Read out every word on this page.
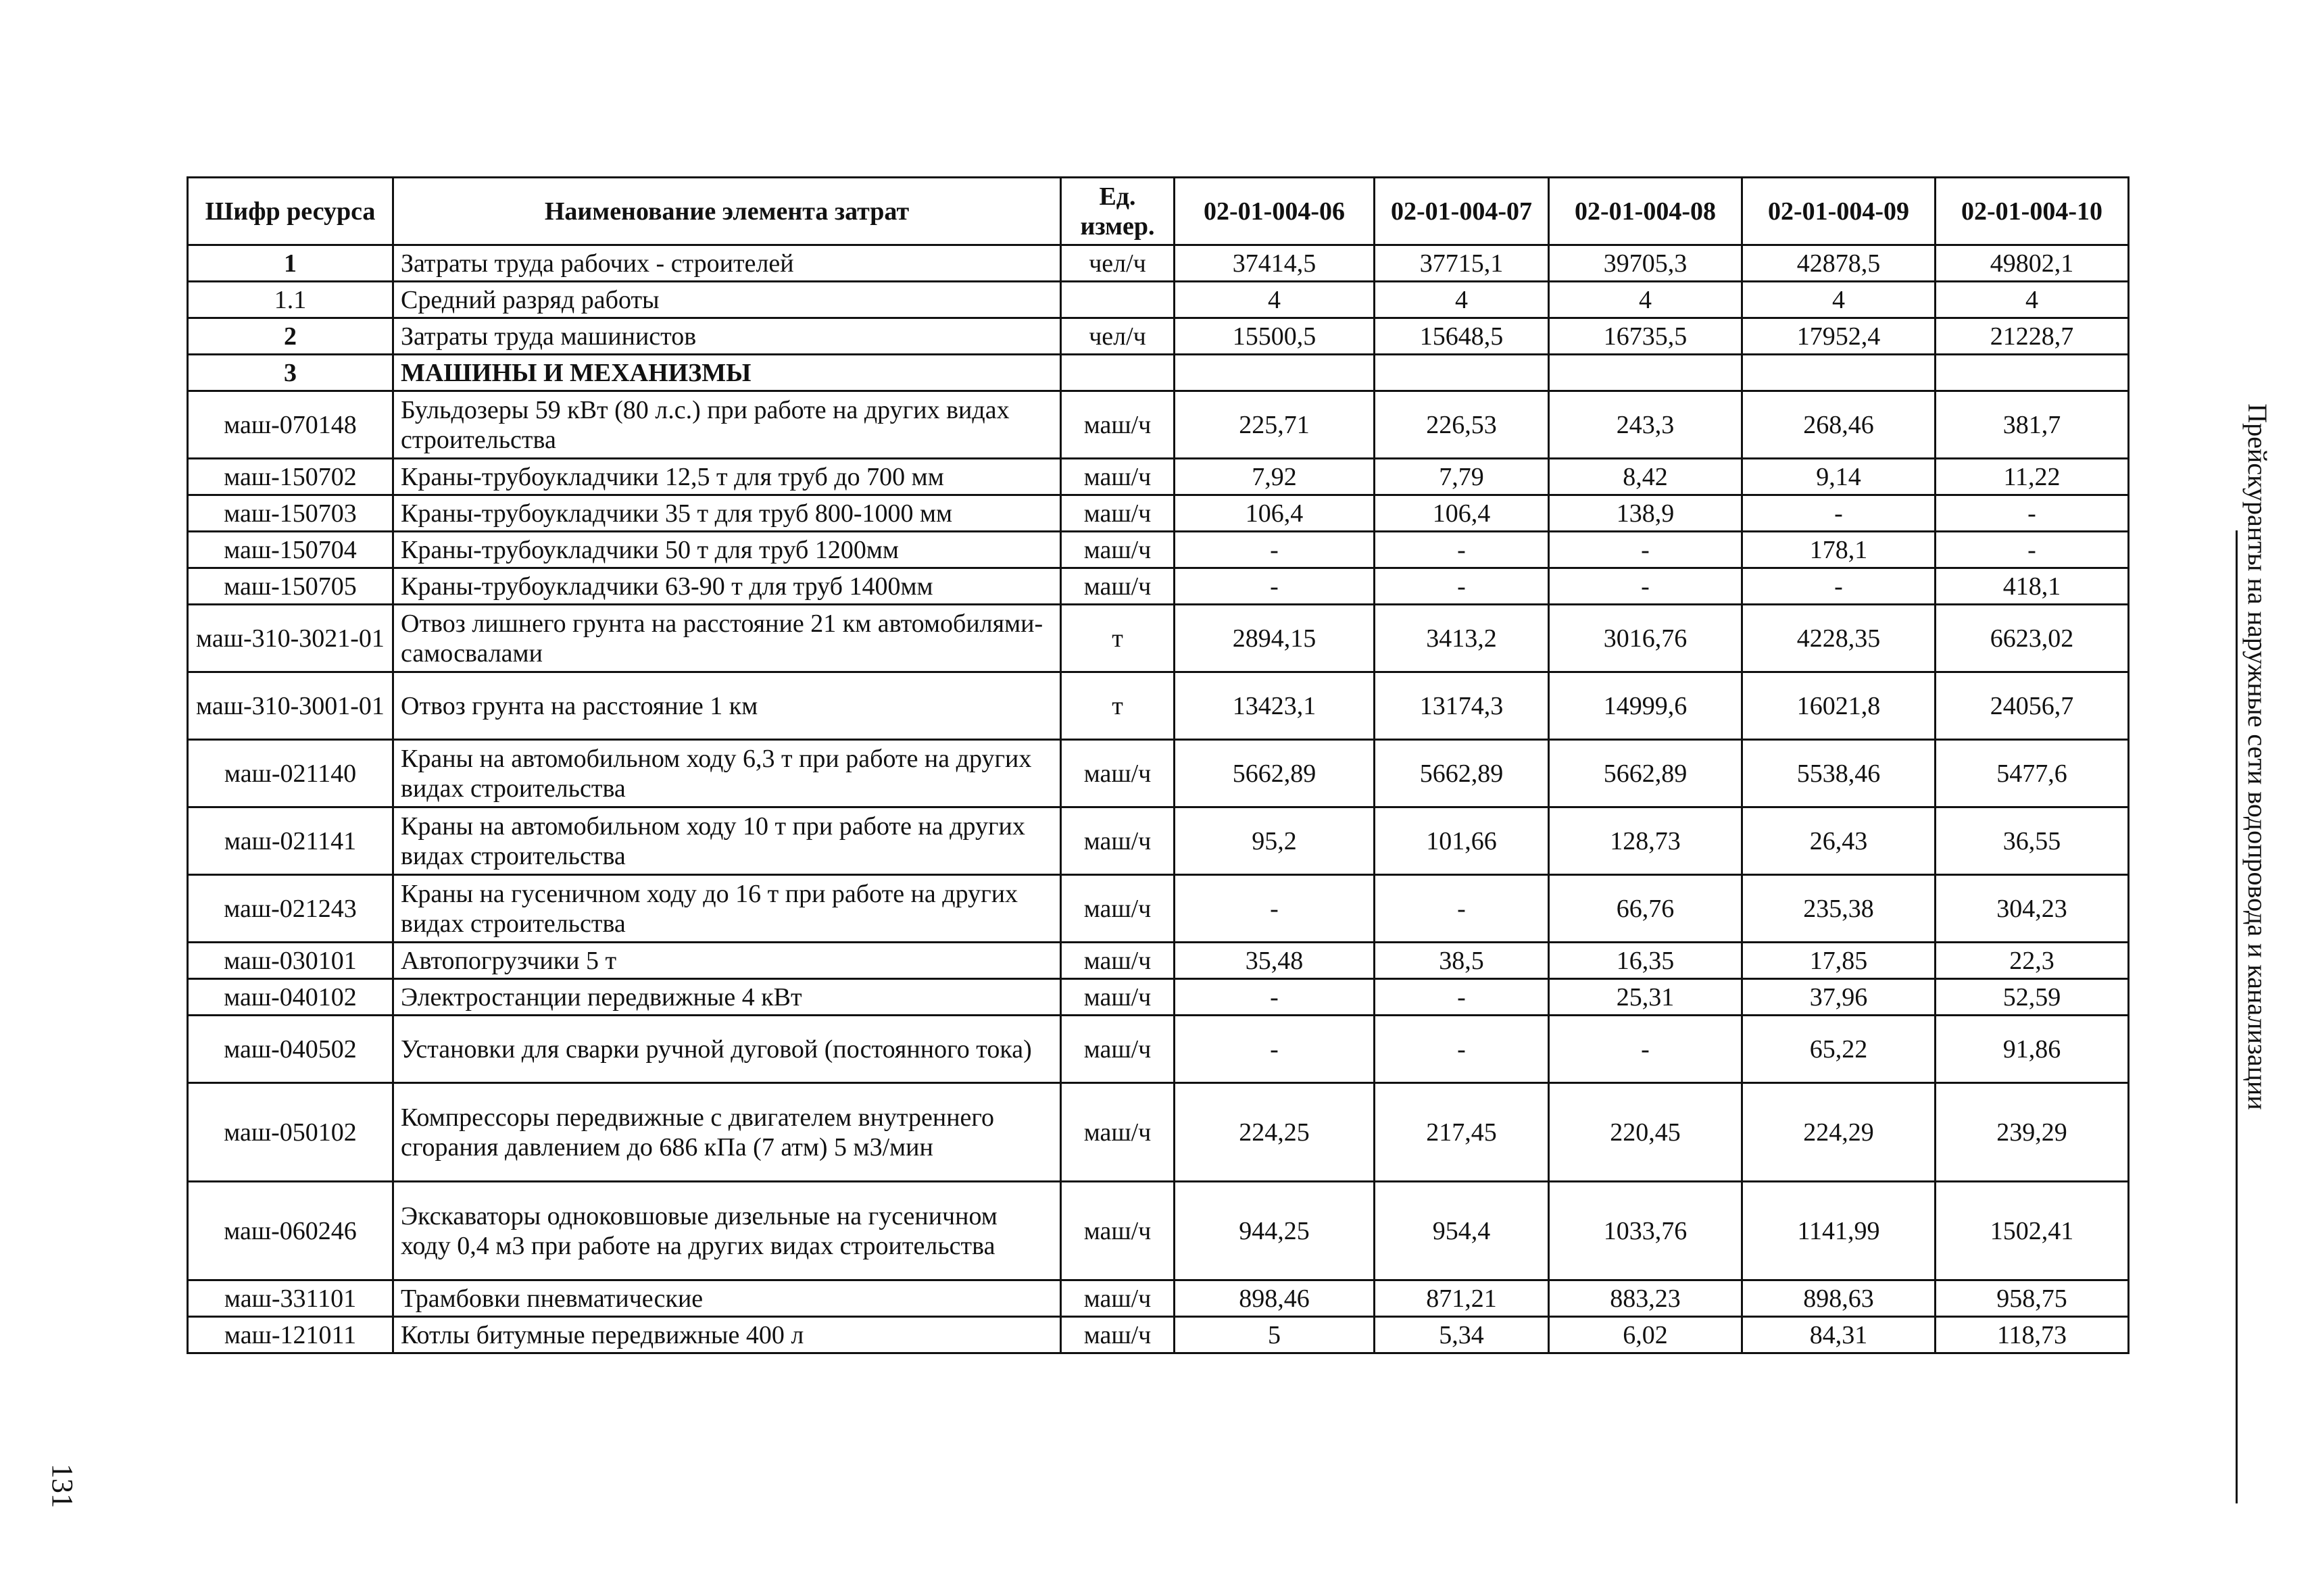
Шифр ресурса	Наименование элемента затрат	Ед. измер.	02-01-004-06	02-01-004-07	02-01-004-08	02-01-004-09	02-01-004-10
1	Затраты труда рабочих - строителей	чел/ч	37414,5	37715,1	39705,3	42878,5	49802,1
1.1	Средний разряд работы		4	4	4	4	4
2	Затраты труда машинистов	чел/ч	15500,5	15648,5	16735,5	17952,4	21228,7
3	МАШИНЫ И МЕХАНИЗМЫ						
маш-070148	Бульдозеры 59 кВт (80 л.с.) при работе на других видах строительства	маш/ч	225,71	226,53	243,3	268,46	381,7
маш-150702	Краны-трубоукладчики 12,5 т для труб до 700 мм	маш/ч	7,92	7,79	8,42	9,14	11,22
маш-150703	Краны-трубоукладчики 35 т для труб 800-1000 мм	маш/ч	106,4	106,4	138,9	-	-
маш-150704	Краны-трубоукладчики 50 т для труб 1200мм	маш/ч	-	-	-	178,1	-
маш-150705	Краны-трубоукладчики 63-90 т для труб 1400мм	маш/ч	-	-	-	-	418,1
маш-310-3021-01	Отвоз лишнего грунта на расстояние 21 км автомобилями-самосвалами	т	2894,15	3413,2	3016,76	4228,35	6623,02
маш-310-3001-01	Отвоз грунта на расстояние 1 км	т	13423,1	13174,3	14999,6	16021,8	24056,7
маш-021140	Краны на автомобильном ходу 6,3 т при работе на других видах строительства	маш/ч	5662,89	5662,89	5662,89	5538,46	5477,6
маш-021141	Краны на автомобильном ходу 10 т при работе на других видах строительства	маш/ч	95,2	101,66	128,73	26,43	36,55
маш-021243	Краны на гусеничном ходу до 16 т при работе на других видах строительства	маш/ч	-	-	66,76	235,38	304,23
маш-030101	Автопогрузчики 5 т	маш/ч	35,48	38,5	16,35	17,85	22,3
маш-040102	Электростанции передвижные 4 кВт	маш/ч	-	-	25,31	37,96	52,59
маш-040502	Установки для сварки ручной дуговой (постоянного тока)	маш/ч	-	-	-	65,22	91,86
маш-050102	Компрессоры передвижные с двигателем внутреннего сгорания давлением до 686 кПа (7 атм) 5 м3/мин	маш/ч	224,25	217,45	220,45	224,29	239,29
маш-060246	Экскаваторы одноковшовые дизельные на гусеничном ходу 0,4 м3 при работе на других видах строительства	маш/ч	944,25	954,4	1033,76	1141,99	1502,41
маш-331101	Трамбовки пневматические	маш/ч	898,46	871,21	883,23	898,63	958,75
маш-121011	Котлы битумные передвижные 400 л	маш/ч	5	5,34	6,02	84,31	118,73
Прейскуранты на наружные сети водопровода и канализации
131
